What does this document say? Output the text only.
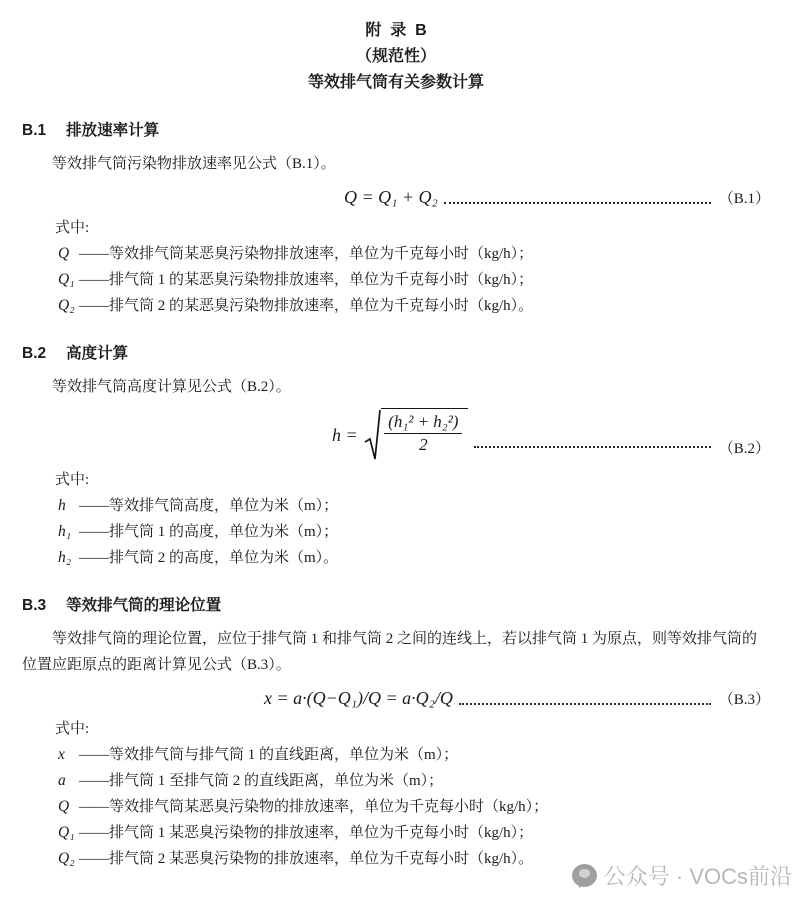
附  录  B
（规范性）
等效排气筒有关参数计算
B.1 排放速率计算

等效排气筒污染物排放速率见公式（B.1）。

Q = Q₁ + Q₂	（B.1）
式中:
Q ——等效排气筒某恶臭污染物排放速率，单位为千克每小时（kg/h）；
Q₁ ——排气筒 1 的某恶臭污染物排放速率，单位为千克每小时（kg/h）；
Q₂ ——排气筒 2 的某恶臭污染物排放速率，单位为千克每小时（kg/h）。
B.2 高度计算

等效排气筒高度计算见公式（B.2）。

$h = \frac{\text{(h₁² + h₂²)}}{2}$	（B.2）
式中:
h ——等效排气筒高度，单位为米（m）；
h₁ ——排气筒 1 的高度，单位为米（m）；
h₂ ——排气筒 2 的高度，单位为米（m）。
B.3 等效排气筒的理论位置

等效排气筒的理论位置，应位于排气筒 1 和排气筒 2 之间的连线上，若以排气筒 1 为原点，则等效排气筒的位置应距原点的距离计算见公式（B.3）。

x = a·(Q−Q₁)/Q = a·Q₂/Q	（B.3）
式中:
x ——等效排气筒与排气筒 1 的直线距离，单位为米（m）；
a ——排气筒 1 至排气筒 2 的直线距离，单位为米（m）；
Q ——等效排气筒某恶臭污染物的排放速率，单位为千克每小时（kg/h）；
Q₁ ——排气筒 1 某恶臭污染物的排放速率，单位为千克每小时（kg/h）；
Q₂ ——排气筒 2 某恶臭污染物的排放速率，单位为千克每小时（kg/h）。
公众号 · VOCs前沿
